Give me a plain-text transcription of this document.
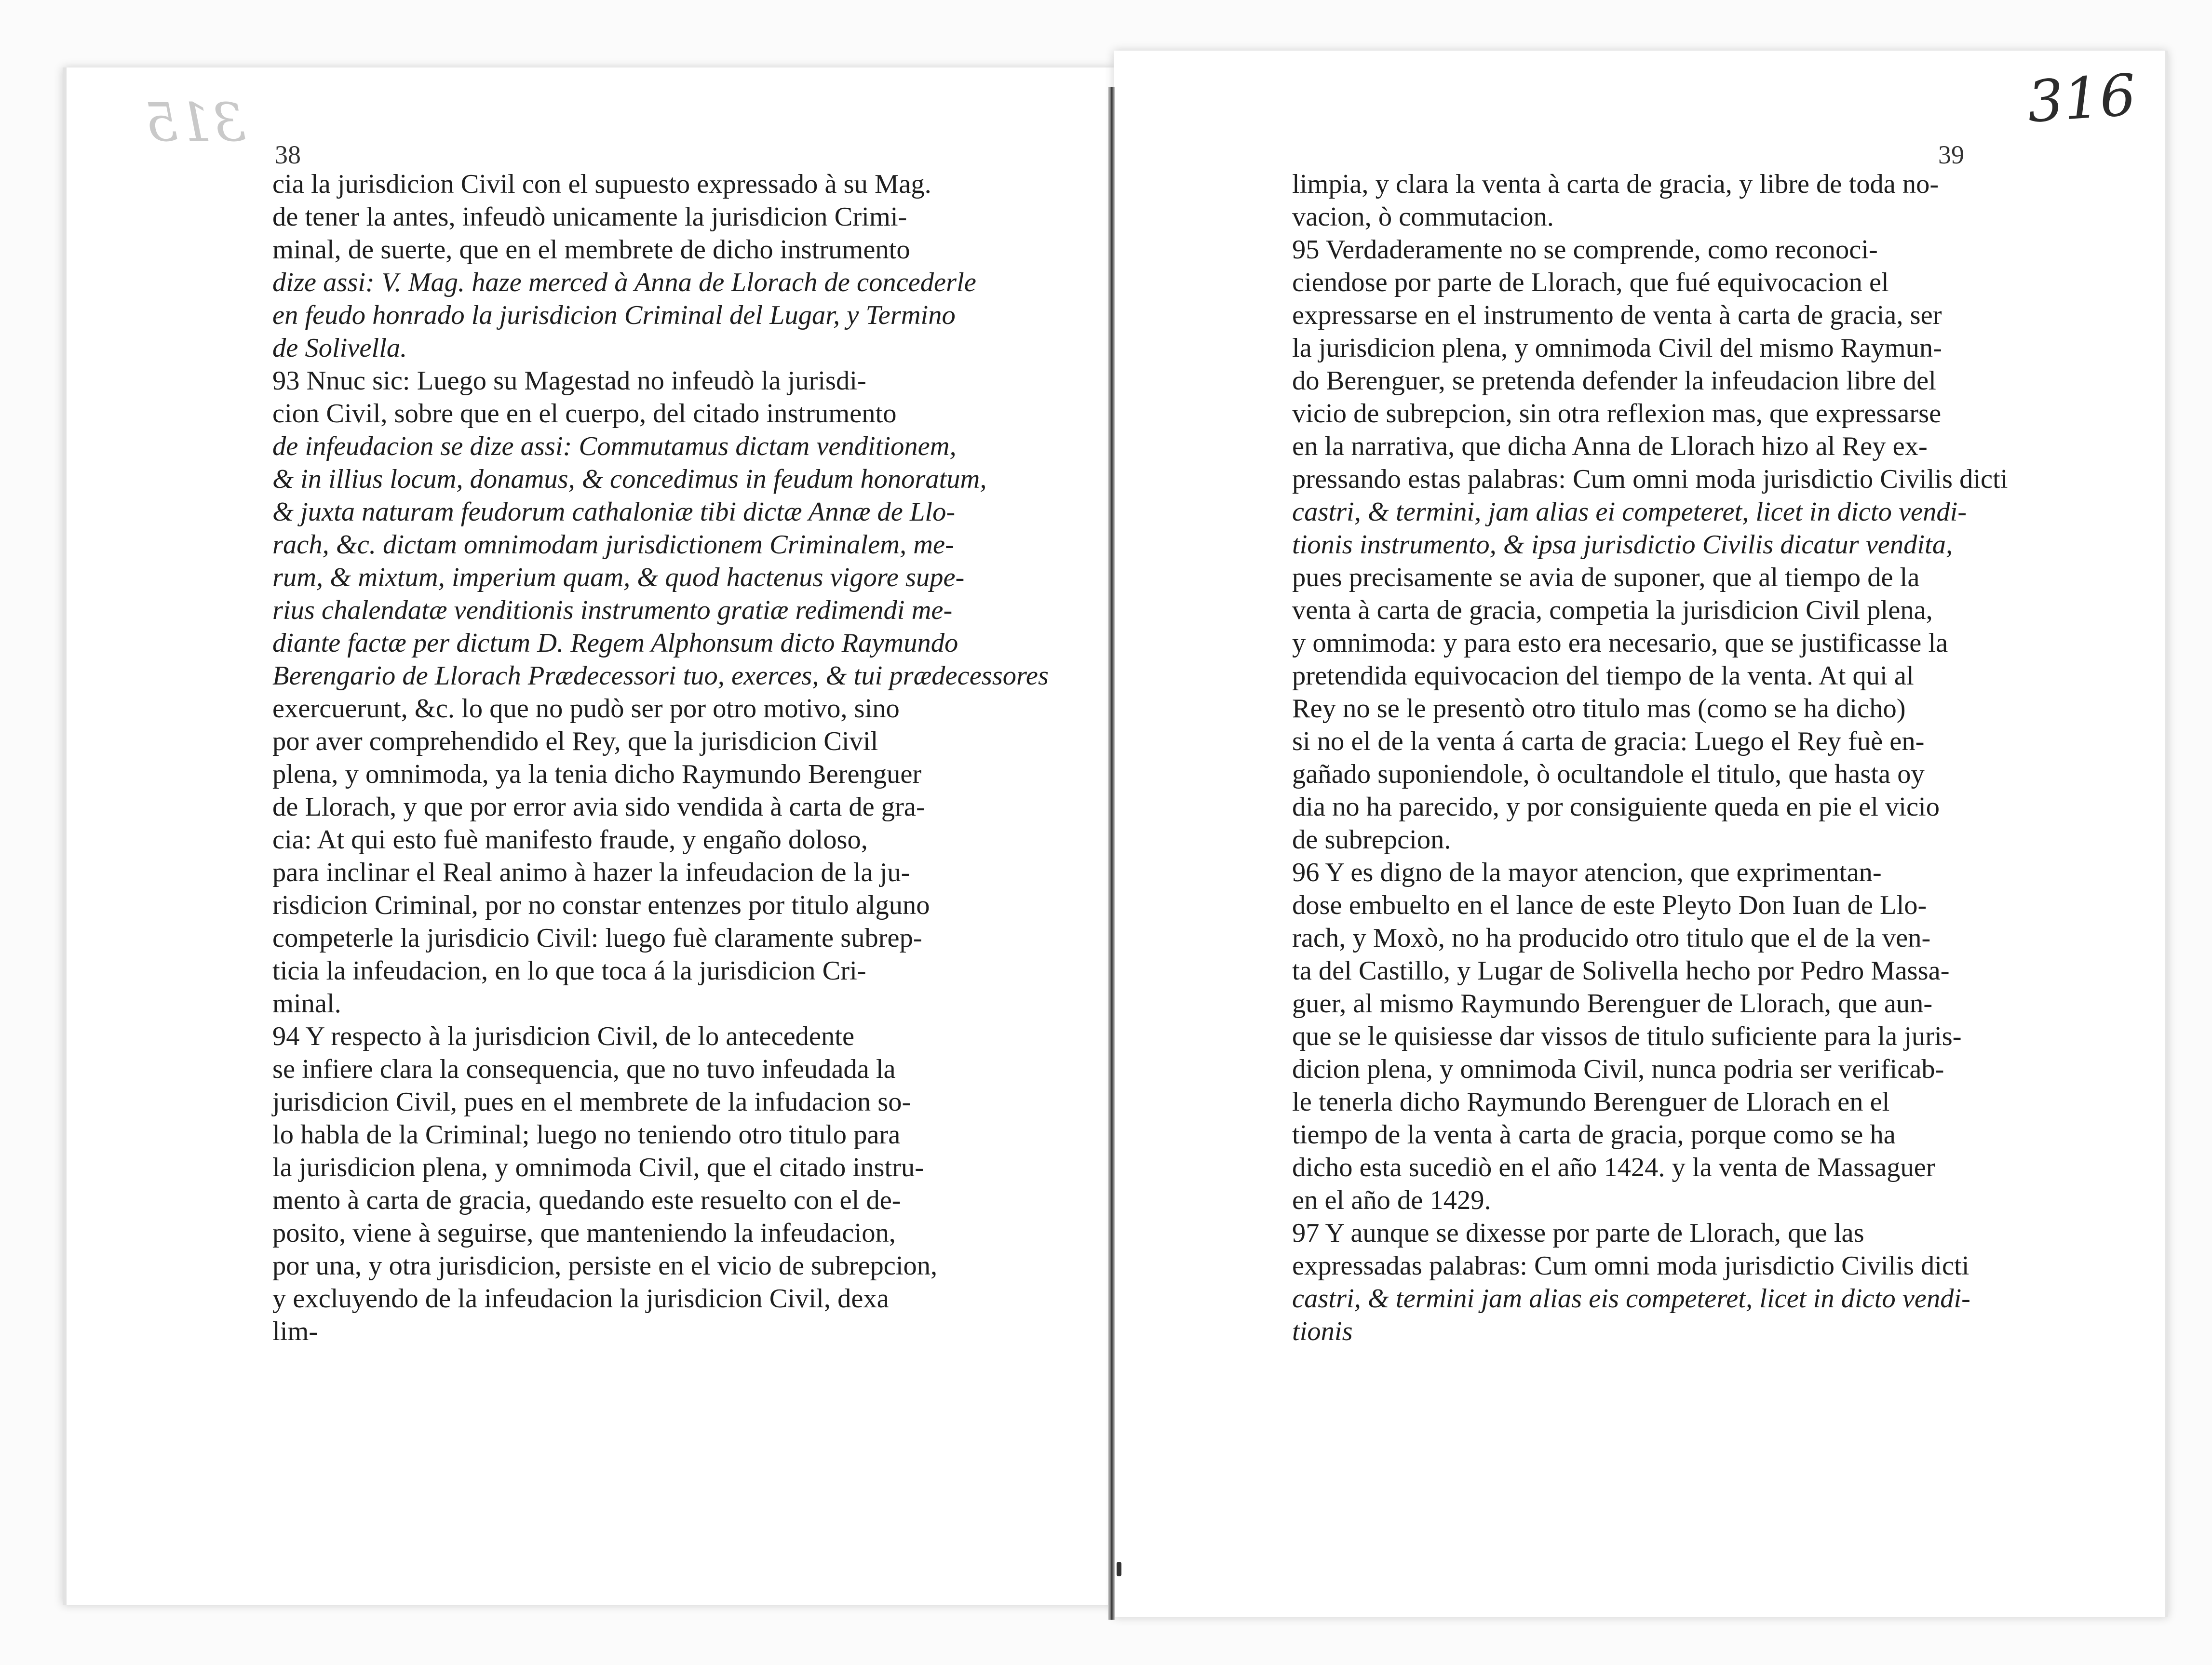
315	316
38	39
cia la jurisdicion Civil con el supuesto expressado à su Mag.
de tener la antes, infeudò unicamente la jurisdicion Crimi-
minal, de suerte, que en el membrete de dicho instrumento
dize assi: V. Mag. haze merced à Anna de Llorach de concederle
en feudo honrado la jurisdicion Criminal del Lugar, y Termino
de Solivella.
93 Nnuc sic: Luego su Magestad no infeudò la jurisdi-
cion Civil, sobre que en el cuerpo, del citado instrumento
de infeudacion se dize assi: Commutamus dictam venditionem,
& in illius locum, donamus, & concedimus in feudum honoratum,
& juxta naturam feudorum cathaloniæ tibi dictæ Annæ de Llo-
rach, &c. dictam omnimodam jurisdictionem Criminalem, me-
rum, & mixtum, imperium quam, & quod hactenus vigore supe-
rius chalendatæ venditionis instrumento gratiæ redimendi me-
diante factæ per dictum D. Regem Alphonsum dicto Raymundo
Berengario de Llorach Prædecessori tuo, exerces, & tui prædecessores
exercuerunt, &c. lo que no pudò ser por otro motivo, sino
por aver comprehendido el Rey, que la jurisdicion Civil
plena, y omnimoda, ya la tenia dicho Raymundo Berenguer
de Llorach, y que por error avia sido vendida à carta de gra-
cia: At qui esto fuè manifesto fraude, y engaño doloso,
para inclinar el Real animo à hazer la infeudacion de la ju-
risdicion Criminal, por no constar entenzes por titulo alguno
competerle la jurisdicio Civil: luego fuè claramente subrep-
ticia la infeudacion, en lo que toca á la jurisdicion Cri-
minal.
94 Y respecto à la jurisdicion Civil, de lo antecedente
se infiere clara la consequencia, que no tuvo infeudada la
jurisdicion Civil, pues en el membrete de la infudacion so-
lo habla de la Criminal; luego no teniendo otro titulo para
la jurisdicion plena, y omnimoda Civil, que el citado instru-
mento à carta de gracia, quedando este resuelto con el de-
posito, viene à seguirse, que manteniendo la infeudacion,
por una, y otra jurisdicion, persiste en el vicio de subrepcion,
y excluyendo de la infeudacion la jurisdicion Civil, dexa
lim-
limpia, y clara la venta à carta de gracia, y libre de toda no-
vacion, ò commutacion.
95 Verdaderamente no se comprende, como reconoci-
ciendose por parte de Llorach, que fué equivocacion el
expressarse en el instrumento de venta à carta de gracia, ser
la jurisdicion plena, y omnimoda Civil del mismo Raymun-
do Berenguer, se pretenda defender la infeudacion libre del
vicio de subrepcion, sin otra reflexion mas, que expressarse
en la narrativa, que dicha Anna de Llorach hizo al Rey ex-
pressando estas palabras: Cum omni moda jurisdictio Civilis dicti
castri, & termini, jam alias ei competeret, licet in dicto vendi-
tionis instrumento, & ipsa jurisdictio Civilis dicatur vendita,
pues precisamente se avia de suponer, que al tiempo de la
venta à carta de gracia, competia la jurisdicion Civil plena,
y omnimoda: y para esto era necesario, que se justificasse la
pretendida equivocacion del tiempo de la venta. At qui al
Rey no se le presentò otro titulo mas (como se ha dicho)
si no el de la venta á carta de gracia: Luego el Rey fuè en-
gañado suponiendole, ò ocultandole el titulo, que hasta oy
dia no ha parecido, y por consiguiente queda en pie el vicio
de subrepcion.
96 Y es digno de la mayor atencion, que exprimentan-
dose embuelto en el lance de este Pleyto Don Iuan de Llo-
rach, y Moxò, no ha producido otro titulo que el de la ven-
ta del Castillo, y Lugar de Solivella hecho por Pedro Massa-
guer, al mismo Raymundo Berenguer de Llorach, que aun-
que se le quisiesse dar vissos de titulo suficiente para la juris-
dicion plena, y omnimoda Civil, nunca podria ser verificab-
le tenerla dicho Raymundo Berenguer de Llorach en el
tiempo de la venta à carta de gracia, porque como se ha
dicho esta sucediò en el año 1424. y la venta de Massaguer
en el año de 1429.
97 Y aunque se dixesse por parte de Llorach, que las
expressadas palabras: Cum omni moda jurisdictio Civilis dicti
castri, & termini jam alias eis competeret, licet in dicto vendi-
tionis
